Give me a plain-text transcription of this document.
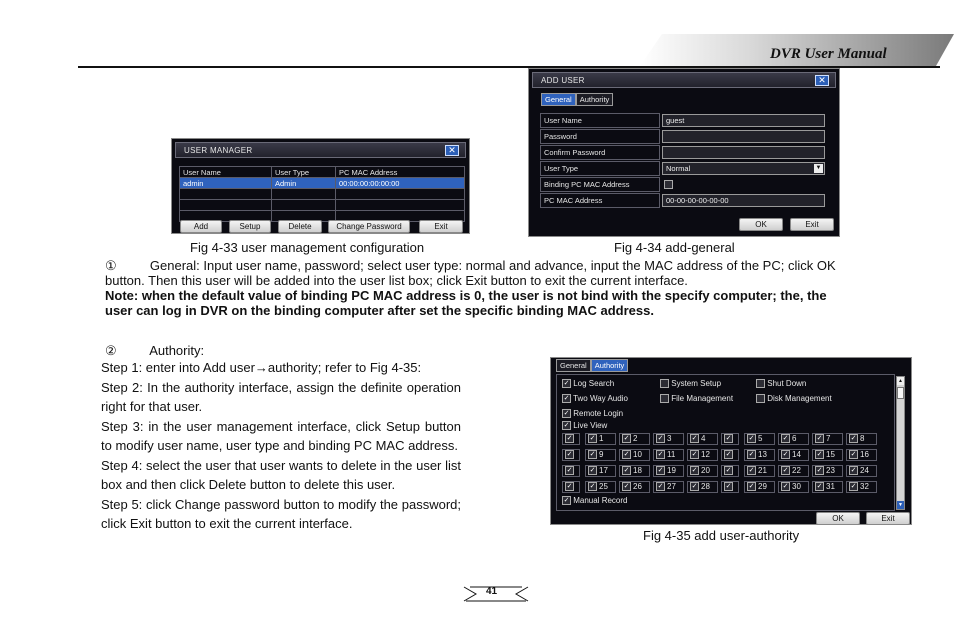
DVR User Manual
USER MANAGER	✕
User Name	User Type	PC MAC Address
admin	Admin	00:00:00:00:00:00

Add	Setup	Delete	Change Password	Exit
ADD USER	✕
General	Authority
User Name	guest
Password
Confirm Password
User Type	Normal	▼
Binding PC MAC Address
PC MAC Address	00-00-00-00-00-00
OK	Exit
Fig 4-33 user management configuration	Fig 4-34 add-general
①	General: Input user name, password; select user type: normal and advance, input the MAC address of the PC; click OK
button. Then this user will be added into the user list box; click Exit button to exit the current interface.
Note: when the default value of binding PC MAC address is 0, the user is not bind with the specify computer; the, the
user can log in DVR on the binding computer after set the specific binding MAC address.
②	Authority:

Step 1: enter into Add user→authority; refer to Fig 4-35:

Step 2: In the authority interface, assign the definite operation right for that user.

Step 3: in the user management interface, click Setup button to modify user name, user type and binding PC MAC address.

Step 4: select the user that user wants to delete in the user list box and then click Delete button to delete this user.

Step 5: click Change password button to modify the password; click Exit button to exit the current interface.

General	Authority
✓ Log Search	System Setup	Shut Down
✓ Two Way Audio	File Management	Disk Management
✓ Remote Login
✓ Live View
✓	✓ 1	✓ 2	✓ 3	✓ 4	✓	✓ 5	✓ 6	✓ 7	✓ 8
✓	✓ 9	✓ 10	✓ 11	✓ 12	✓	✓ 13	✓ 14	✓ 15	✓ 16
✓	✓ 17	✓ 18	✓ 19	✓ 20	✓	✓ 21	✓ 22	✓ 23	✓ 24
✓	✓ 25	✓ 26	✓ 27	✓ 28	✓	✓ 29	✓ 30	✓ 31	✓ 32
✓ Manual Record
▲
▼
OK	Exit
Fig 4-35 add user-authority
41
